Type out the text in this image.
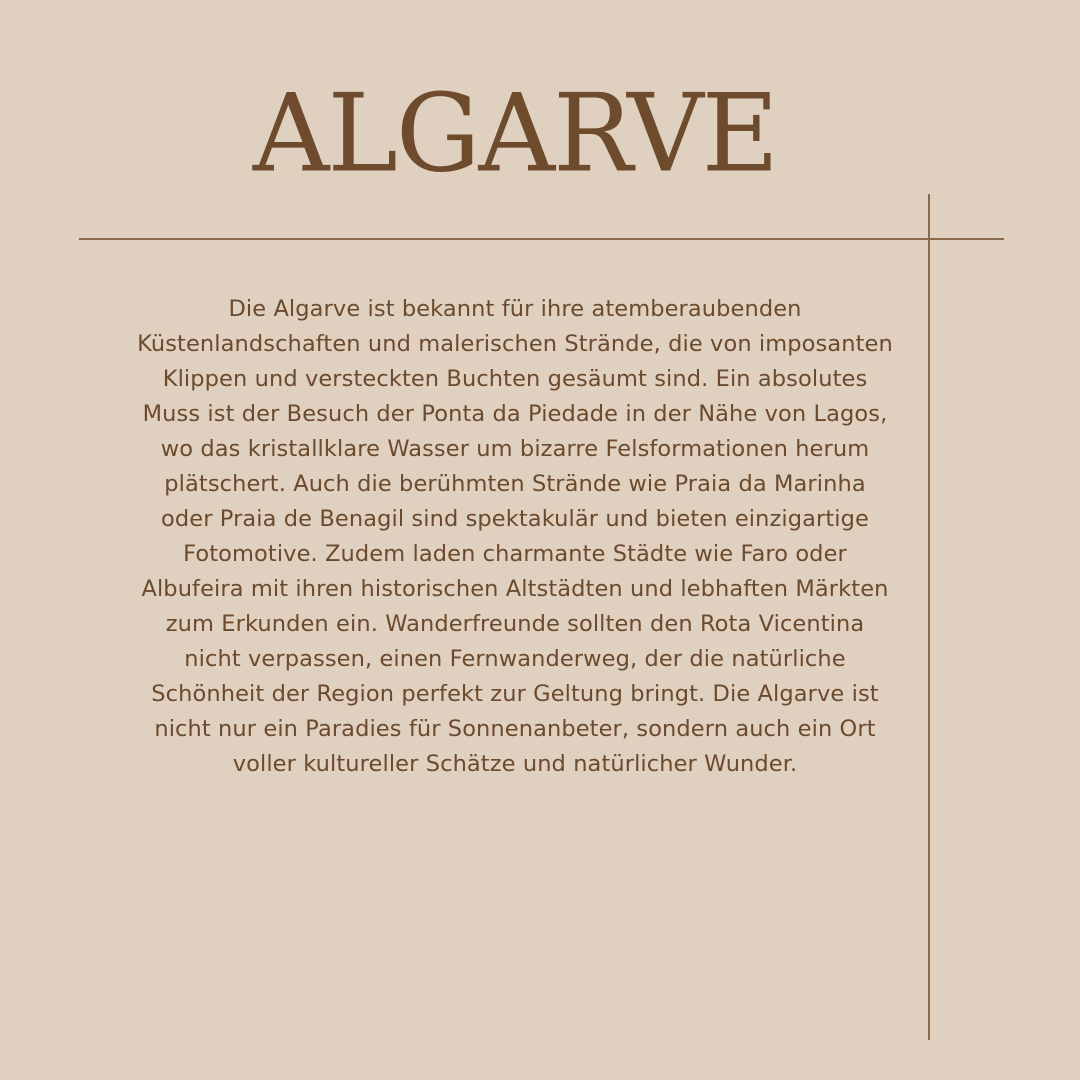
ALGARVE

Die Algarve ist bekannt für ihre atemberaubenden Küstenlandschaften und malerischen Strände, die von imposanten Klippen und versteckten Buchten gesäumt sind. Ein absolutes Muss ist der Besuch der Ponta da Piedade in der Nähe von Lagos, wo das kristallklare Wasser um bizarre Felsformationen herum plätschert. Auch die berühmten Strände wie Praia da Marinha oder Praia de Benagil sind spektakulär und bieten einzigartige Fotomotive. Zudem laden charmante Städte wie Faro oder Albufeira mit ihren historischen Altstädten und lebhaften Märkten zum Erkunden ein. Wanderfreunde sollten den Rota Vicentina nicht verpassen, einen Fernwanderweg, der die natürliche Schönheit der Region perfekt zur Geltung bringt. Die Algarve ist nicht nur ein Paradies für Sonnenanbeter, sondern auch ein Ort voller kultureller Schätze und natürlicher Wunder.
